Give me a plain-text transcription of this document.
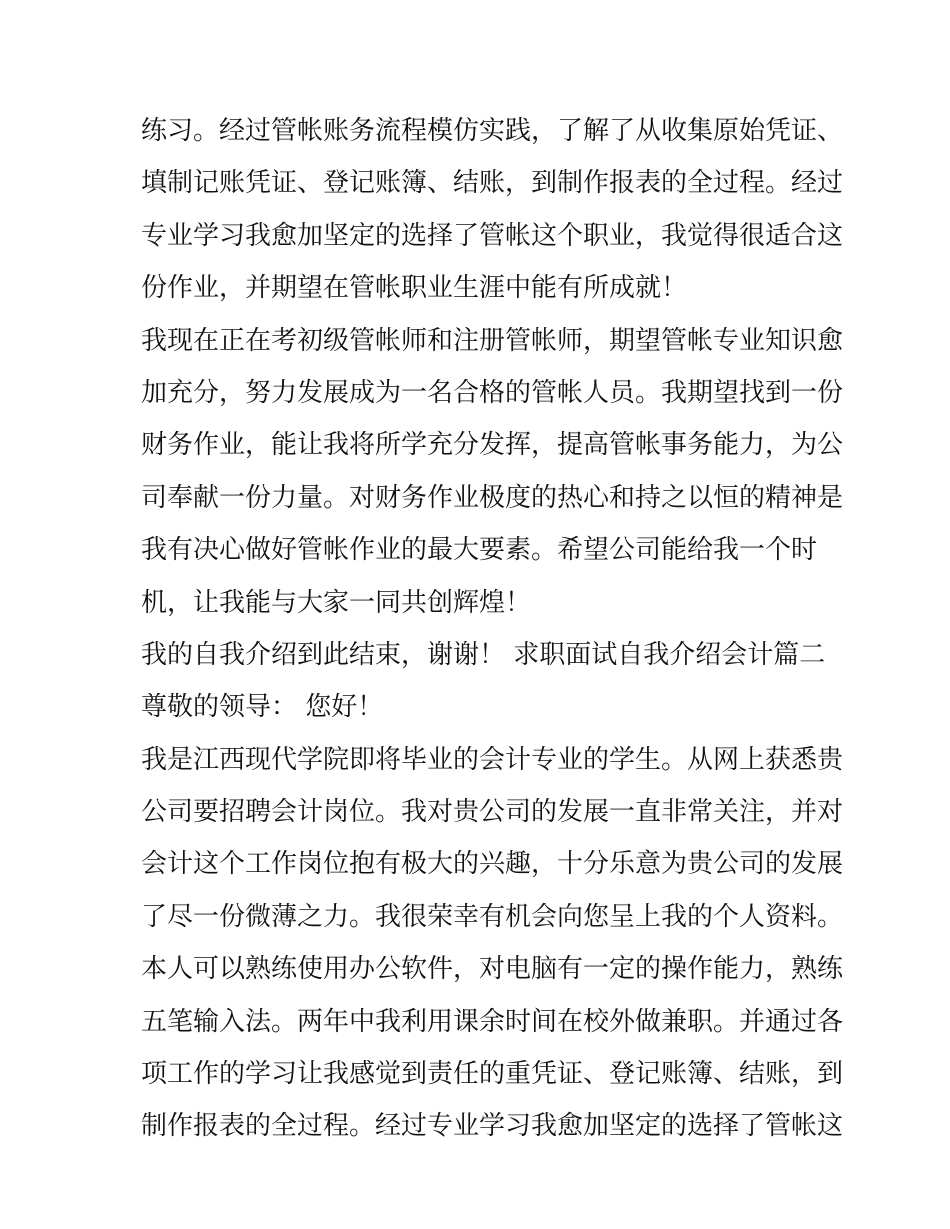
练习。经过管帐账务流程模仿实践，了解了从收集原始凭证、
填制记账凭证、登记账簿、结账，到制作报表的全过程。经过
专业学习我愈加坚定的选择了管帐这个职业，我觉得很适合这
份作业，并期望在管帐职业生涯中能有所成就！
我现在正在考初级管帐师和注册管帐师，期望管帐专业知识愈
加充分，努力发展成为一名合格的管帐人员。我期望找到一份
财务作业，能让我将所学充分发挥，提高管帐事务能力，为公
司奉献一份力量。对财务作业极度的热心和持之以恒的精神是
我有决心做好管帐作业的最大要素。希望公司能给我一个时
机，让我能与大家一同共创辉煌！
我的自我介绍到此结束，谢谢！ 求职面试自我介绍会计篇二
尊敬的领导： 您好！
我是江西现代学院即将毕业的会计专业的学生。从网上获悉贵
公司要招聘会计岗位。我对贵公司的发展一直非常关注，并对
会计这个工作岗位抱有极大的兴趣，十分乐意为贵公司的发展
了尽一份微薄之力。我很荣幸有机会向您呈上我的个人资料。
本人可以熟练使用办公软件，对电脑有一定的操作能力，熟练
五笔输入法。两年中我利用课余时间在校外做兼职。并通过各
项工作的学习让我感觉到责任的重凭证、登记账簿、结账，到
制作报表的全过程。经过专业学习我愈加坚定的选择了管帐这
